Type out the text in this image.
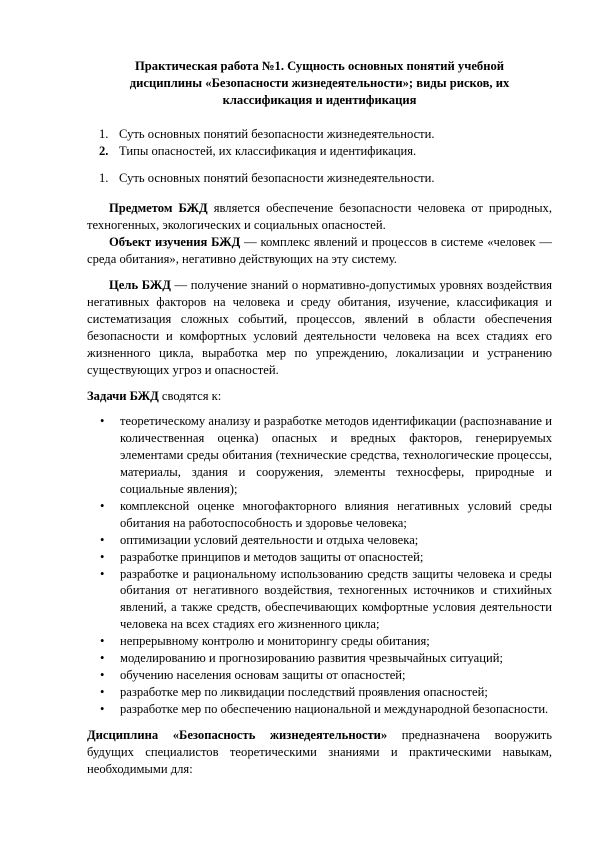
Практическая работа №1. Сущность основных понятий учебной дисциплины «Безопасности жизнедеятельности»; виды рисков, их классификация и идентификация

1. Суть основных понятий безопасности жизнедеятельности.
2. Типы опасностей, их классификация и идентификация.
1. Суть основных понятий безопасности жизнедеятельности.

Предметом БЖД является обеспечение безопасности человека от природных, техногенных, экологических и социальных опасностей.

Объект изучения БЖД — комплекс явлений и процессов в системе «человек — среда обитания», негативно действующих на эту систему.

Цель БЖД — получение знаний о нормативно-допустимых уровнях воздействия негативных факторов на человека и среду обитания, изучение, классификация и систематизация сложных событий, процессов, явлений в области обеспечения безопасности и комфортных условий деятельности человека на всех стадиях его жизненного цикла, выработка мер по упреждению, локализации и устранению существующих угроз и опасностей.

Задачи БЖД сводятся к:

•	теоретическому анализу и разработке методов идентификации (распознавание и количественная оценка) опасных и вредных факторов, генерируемых элементами среды обитания (технические средства, технологические процессы, материалы, здания и сооружения, элементы техносферы, природные и социальные явления);
•	комплексной оценке многофакторного влияния негативных условий среды обитания на работоспособность и здоровье человека;
•	оптимизации условий деятельности и отдыха человека;
•	разработке принципов и методов защиты от опасностей;
•	разработке и рациональному использованию средств защиты человека и среды обитания от негативного воздействия, техногенных источников и стихийных явлений, а также средств, обеспечивающих комфортные условия деятельности человека на всех стадиях его жизненного цикла;
•	непрерывному контролю и мониторингу среды обитания;
•	моделированию и прогнозированию развития чрезвычайных ситуаций;
•	обучению населения основам защиты от опасностей;
•	разработке мер по ликвидации последствий проявления опасностей;
•	разработке мер по обеспечению национальной и международной безопасности.

Дисциплина «Безопасность жизнедеятельности» предназначена вооружить будущих специалистов теоретическими знаниями и практическими навыкам, необходимыми для:
